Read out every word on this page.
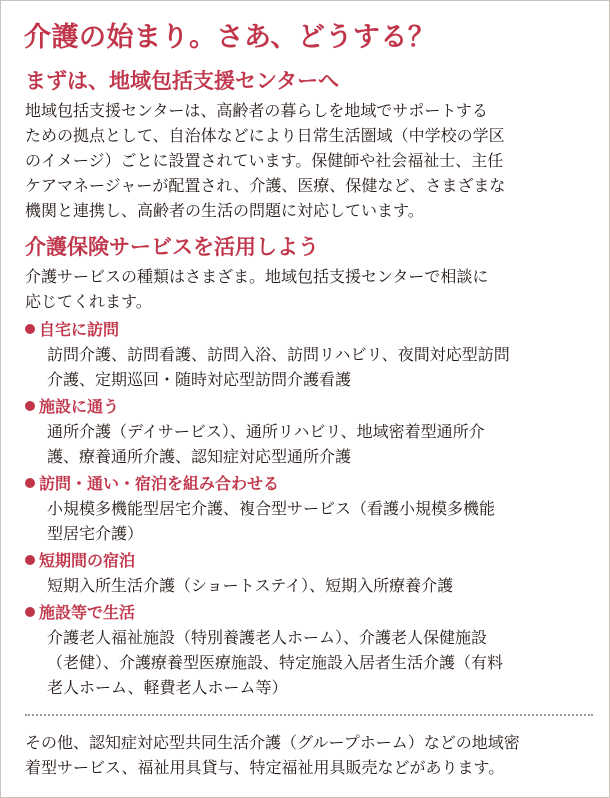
介護の始まり。さあ、どうする？
まずは、地域包括支援センターへ
地域包括支援センターは、高齢者の暮らしを地域でサポートする
ための拠点として、自治体などにより日常生活圏域（中学校の学区
のイメージ）ごとに設置されています。保健師や社会福祉士、主任
ケアマネージャーが配置され、介護、医療、保健など、さまざまな
機関と連携し、高齢者の生活の問題に対応しています。
介護保険サービスを活用しよう
介護サービスの種類はさまざま。地域包括支援センターで相談に
応じてくれます。
自宅に訪問
訪問介護、訪問看護、訪問入浴、訪問リハビリ、夜間対応型訪問
介護、定期巡回・随時対応型訪問介護看護
施設に通う
通所介護（デイサービス）、通所リハビリ、地域密着型通所介
護、療養通所介護、認知症対応型通所介護
訪問・通い・宿泊を組み合わせる
小規模多機能型居宅介護、複合型サービス（看護小規模多機能
型居宅介護）
短期間の宿泊
短期入所生活介護（ショートステイ）、短期入所療養介護
施設等で生活
介護老人福祉施設（特別養護老人ホーム）、介護老人保健施設
（老健）、介護療養型医療施設、特定施設入居者生活介護（有料
老人ホーム、軽費老人ホーム等）
その他、認知症対応型共同生活介護（グループホーム）などの地域密
着型サービス、福祉用具貸与、特定福祉用具販売などがあります。
